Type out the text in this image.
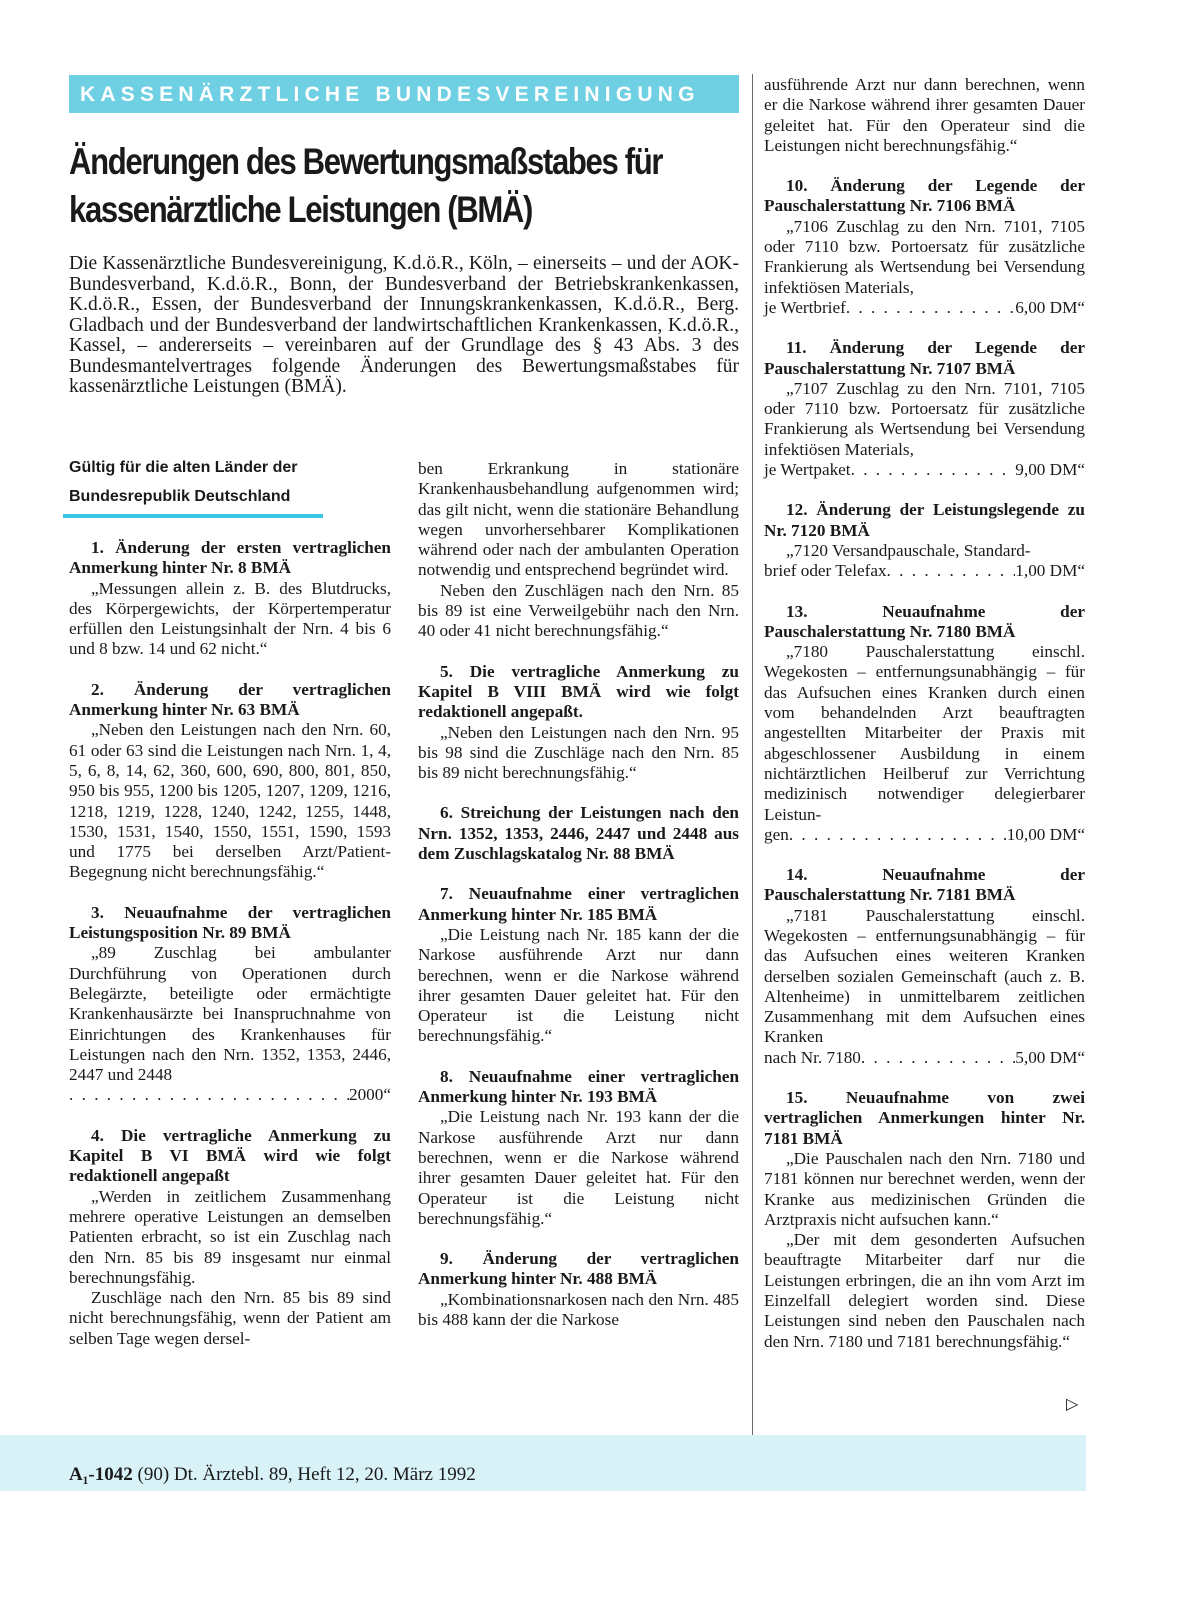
KASSENÄRZTLICHE BUNDESVEREINIGUNG
Änderungen des Bewertungsmaßstabes für
kassenärztliche Leistungen (BMÄ)
Die Kassenärztliche Bundesvereinigung, K.d.ö.R., Köln, – einerseits – und der AOK-Bundesverband, K.d.ö.R., Bonn, der Bundesverband der Betriebskrankenkassen, K.d.ö.R., Essen, der Bundesverband der Innungskrankenkassen, K.d.ö.R., Berg. Gladbach und der Bundesverband der landwirtschaftlichen Krankenkassen, K.d.ö.R., Kassel, – andererseits – vereinbaren auf der Grundlage des § 43 Abs. 3 des Bundesmantelvertrages folgende Änderungen des Bewertungsmaßstabes für kassenärztliche Leistungen (BMÄ).
Gültig für die alten Länder der
Bundesrepublik Deutschland

1. Änderung der ersten vertraglichen Anmerkung hinter Nr. 8 BMÄ

„Messungen allein z. B. des Blutdrucks, des Körpergewichts, der Körpertemperatur erfüllen den Leistungsinhalt der Nrn. 4 bis 6 und 8 bzw. 14 und 62 nicht.“

2. Änderung der vertraglichen Anmerkung hinter Nr. 63 BMÄ

„Neben den Leistungen nach den Nrn. 60, 61 oder 63 sind die Leistungen nach Nrn. 1, 4, 5, 6, 8, 14, 62, 360, 600, 690, 800, 801, 850, 950 bis 955, 1200 bis 1205, 1207, 1209, 1216, 1218, 1219, 1228, 1240, 1242, 1255, 1448, 1530, 1531, 1540, 1550, 1551, 1590, 1593 und 1775 bei derselben Arzt/Patient-Begegnung nicht berechnungsfähig.“

3. Neuaufnahme der vertraglichen Leistungsposition Nr. 89 BMÄ

„89 Zuschlag bei ambulanter Durchführung von Operationen durch Belegärzte, beteiligte oder ermächtigte Krankenhausärzte bei Inanspruchnahme von Einrichtungen des Krankenhauses für Leistungen nach den Nrn. 1352, 1353, 2446, 2447 und 2448

. . .
2000“

4. Die vertragliche Anmerkung zu Kapitel B VI BMÄ wird wie folgt redaktionell angepaßt

„Werden in zeitlichem Zusammenhang mehrere operative Leistungen an demselben Patienten erbracht, so ist ein Zuschlag nach den Nrn. 85 bis 89 insgesamt nur einmal berechnungsfähig.

Zuschläge nach den Nrn. 85 bis 89 sind nicht berechnungsfähig, wenn der Patient am selben Tage wegen dersel-

ben Erkrankung in stationäre Krankenhausbehandlung aufgenommen wird; das gilt nicht, wenn die stationäre Behandlung wegen unvorhersehbarer Komplikationen während oder nach der ambulanten Operation notwendig und entsprechend begründet wird.

Neben den Zuschlägen nach den Nrn. 85 bis 89 ist eine Verweilgebühr nach den Nrn. 40 oder 41 nicht berechnungsfähig.“

5. Die vertragliche Anmerkung zu Kapitel B VIII BMÄ wird wie folgt redaktionell angepaßt.

„Neben den Leistungen nach den Nrn. 95 bis 98 sind die Zuschläge nach den Nrn. 85 bis 89 nicht berechnungsfähig.“

6. Streichung der Leistungen nach den Nrn. 1352, 1353, 2446, 2447 und 2448 aus dem Zuschlagskatalog Nr. 88 BMÄ

7. Neuaufnahme einer vertraglichen Anmerkung hinter Nr. 185 BMÄ

„Die Leistung nach Nr. 185 kann der die Narkose ausführende Arzt nur dann berechnen, wenn er die Narkose während ihrer gesamten Dauer geleitet hat. Für den Operateur ist die Leistung nicht berechnungsfähig.“

8. Neuaufnahme einer vertraglichen Anmerkung hinter Nr. 193 BMÄ

„Die Leistung nach Nr. 193 kann der die Narkose ausführende Arzt nur dann berechnen, wenn er die Narkose während ihrer gesamten Dauer geleitet hat. Für den Operateur ist die Leistung nicht berechnungsfähig.“

9. Änderung der vertraglichen Anmerkung hinter Nr. 488 BMÄ

„Kombinationsnarkosen nach den Nrn. 485 bis 488 kann der die Narkose

ausführende Arzt nur dann berechnen, wenn er die Narkose während ihrer gesamten Dauer geleitet hat. Für den Operateur sind die Leistungen nicht berechnungsfähig.“

10. Änderung der Legende der Pauschalerstattung Nr. 7106 BMÄ

„7106 Zuschlag zu den Nrn. 7101, 7105 oder 7110 bzw. Portoersatz für zusätzliche Frankierung als Wertsendung bei Versendung infektiösen Materials,

je Wertbrief . . .	6,00 DM“

11. Änderung der Legende der Pauschalerstattung Nr. 7107 BMÄ

„7107 Zuschlag zu den Nrn. 7101, 7105 oder 7110 bzw. Portoersatz für zusätzliche Frankierung als Wertsendung bei Versendung infektiösen Materials,

je Wertpaket . . .	9,00 DM“

12. Änderung der Leistungslegende zu Nr. 7120 BMÄ

„7120 Versandpauschale, Standard-

brief oder Telefax . . .	1,00 DM“

13. Neuaufnahme der Pauschalerstattung Nr. 7180 BMÄ

„7180 Pauschalerstattung einschl. Wegekosten – entfernungsunabhängig – für das Aufsuchen eines Kranken durch einen vom behandelnden Arzt beauftragten angestellten Mitarbeiter der Praxis mit abgeschlossener Ausbildung in einem nichtärztlichen Heilberuf zur Verrichtung medizinisch notwendiger delegierbarer Leistun-

gen . . .	10,00 DM“

14. Neuaufnahme der Pauschalerstattung Nr. 7181 BMÄ

„7181 Pauschalerstattung einschl. Wegekosten – entfernungsunabhängig – für das Aufsuchen eines weiteren Kranken derselben sozialen Gemeinschaft (auch z. B. Altenheime) in unmittelbarem zeitlichen Zusammenhang mit dem Aufsuchen eines Kranken

nach Nr. 7180 . . .	5,00 DM“

15. Neuaufnahme von zwei vertraglichen Anmerkungen hinter Nr. 7181 BMÄ

„Die Pauschalen nach den Nrn. 7180 und 7181 können nur berechnet werden, wenn der Kranke aus medizinischen Gründen die Arztpraxis nicht aufsuchen kann.“

„Der mit dem gesonderten Aufsuchen beauftragte Mitarbeiter darf nur die Leistungen erbringen, die an ihn vom Arzt im Einzelfall delegiert worden sind. Diese Leistungen sind neben den Pauschalen nach den Nrn. 7180 und 7181 berechnungsfähig.“

▷
A₁-1042 (90) Dt. Ärztebl. 89, Heft 12, 20. März 1992
